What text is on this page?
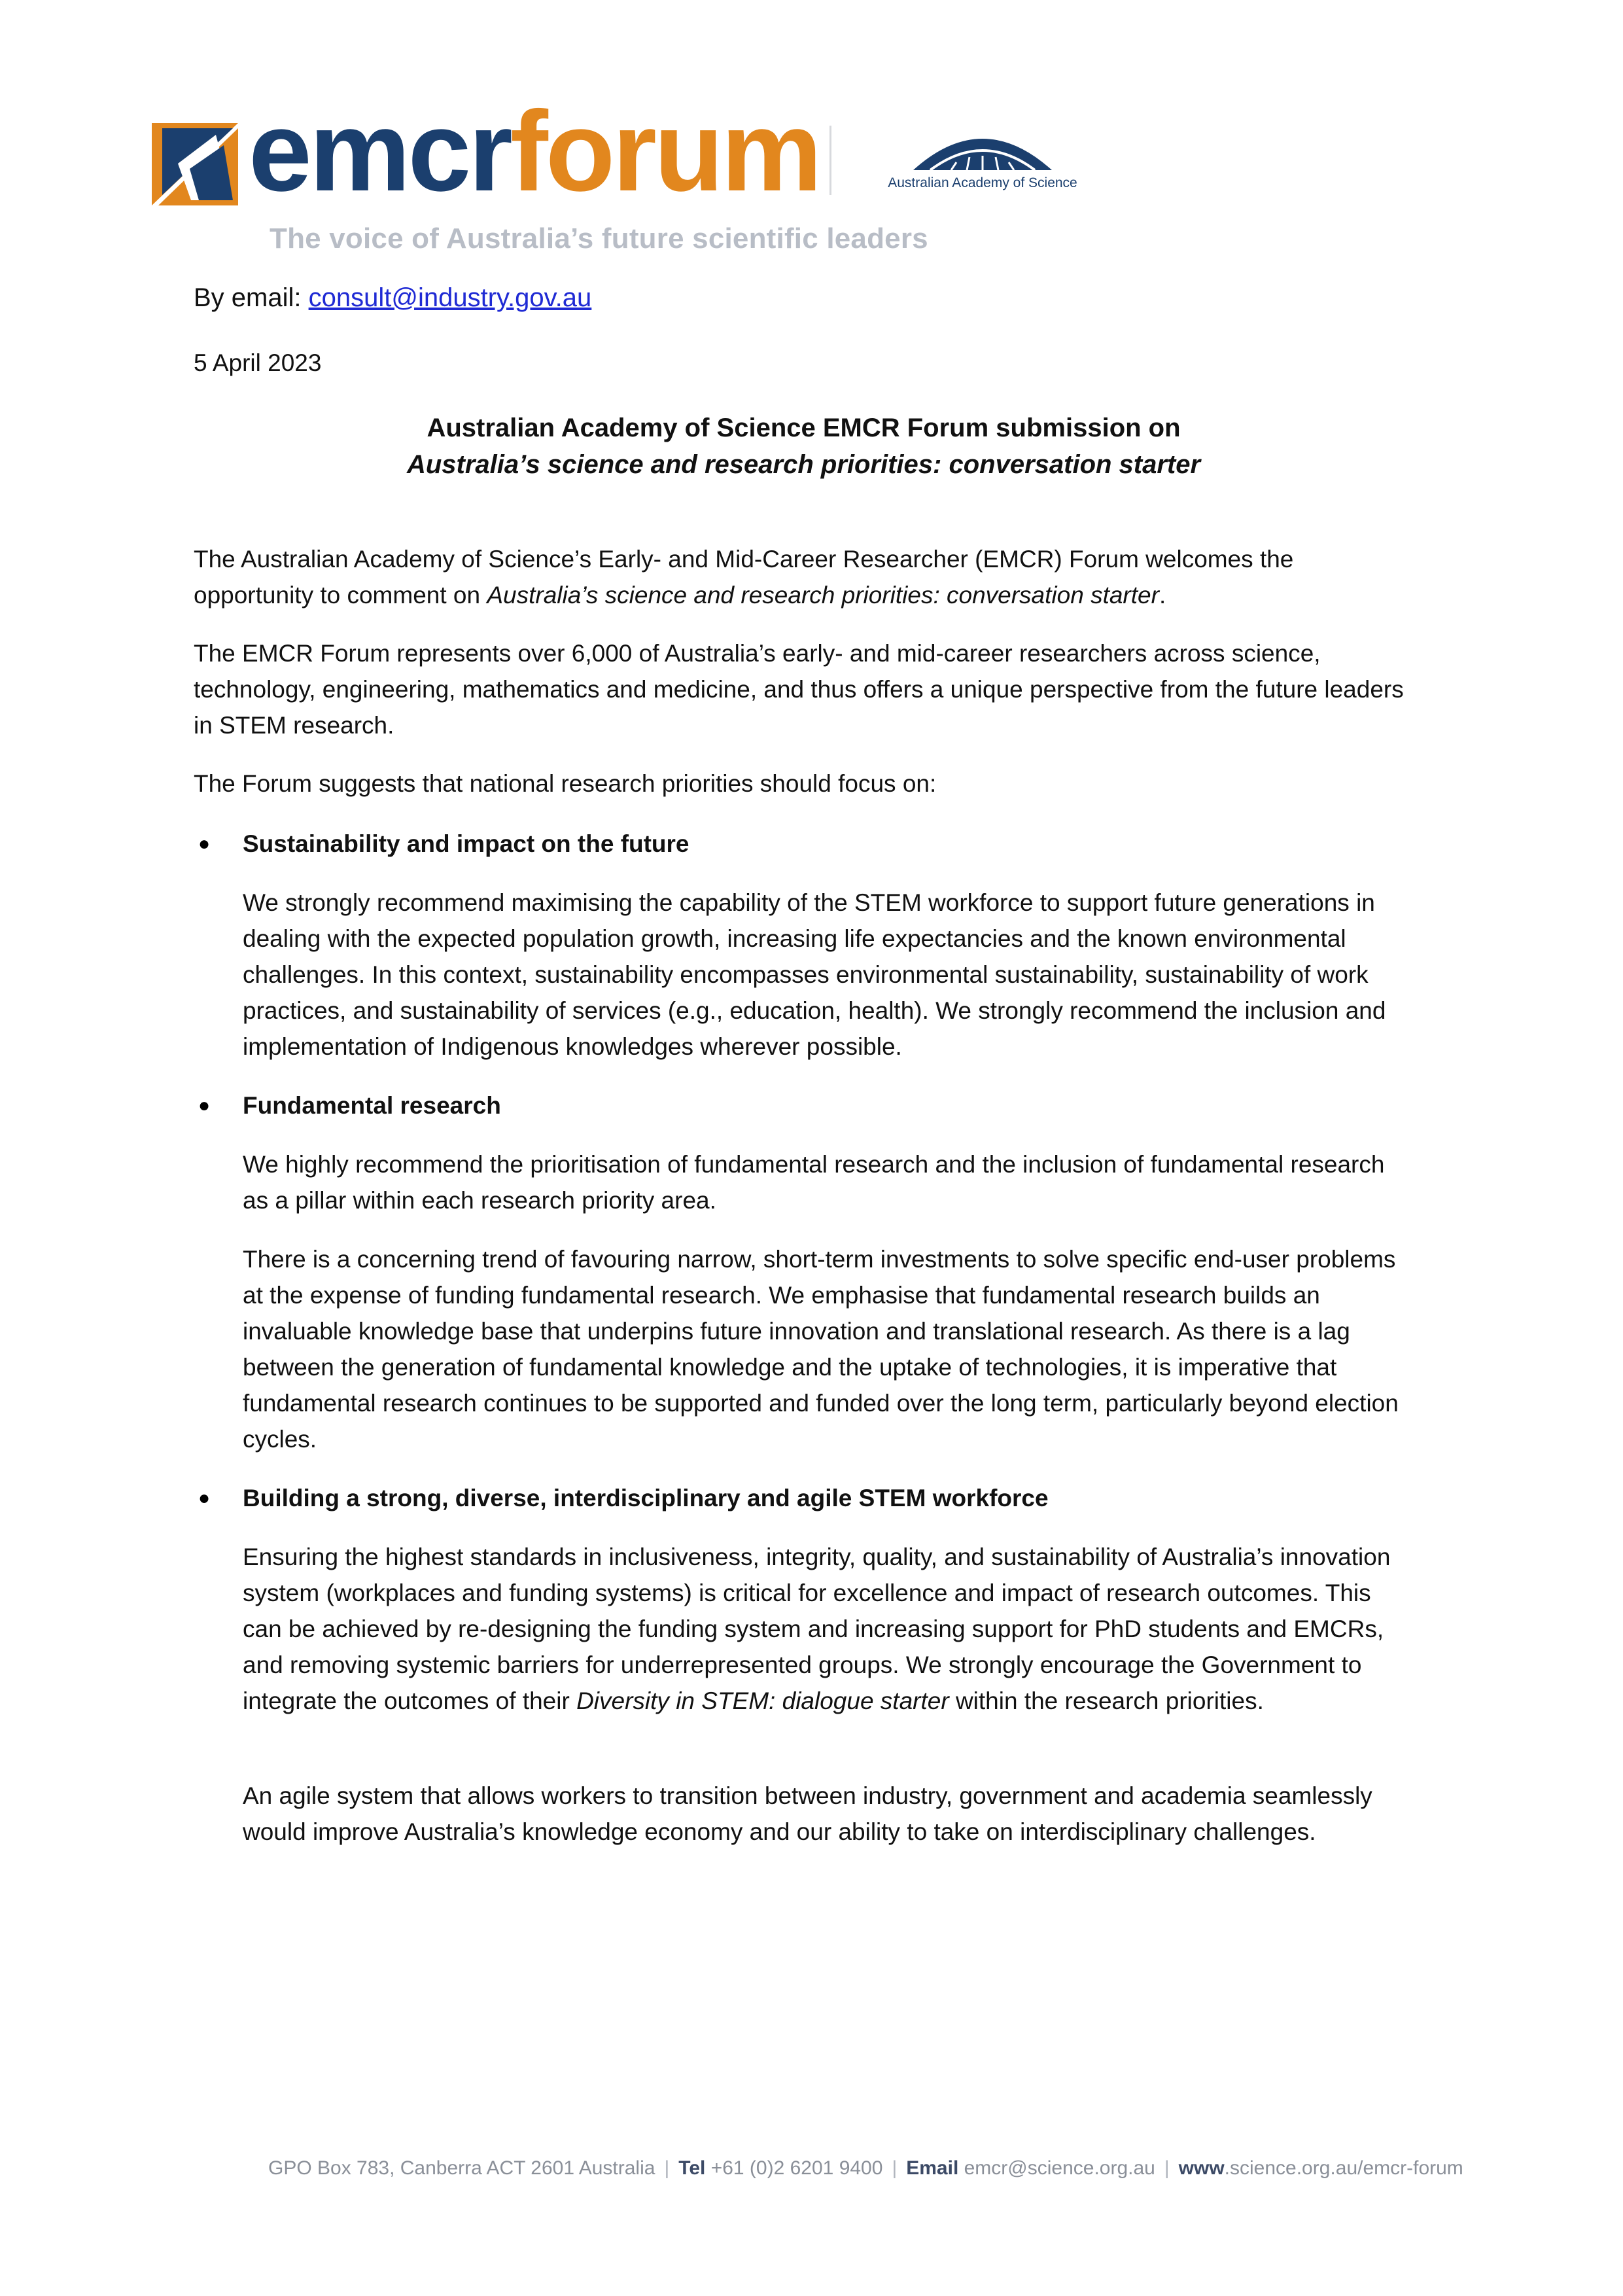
emcrforum
The voice of Australia’s future scientific leaders
Australian Academy of Science
By email: consult@industry.gov.au
5 April 2023
Australian Academy of Science EMCR Forum submission on
Australia’s science and research priorities: conversation starter
The Australian Academy of Science’s Early- and Mid-Career Researcher (EMCR) Forum welcomes the opportunity to comment on Australia’s science and research priorities: conversation starter.
The EMCR Forum represents over 6,000 of Australia’s early- and mid-career researchers across science, technology, engineering, mathematics and medicine, and thus offers a unique perspective from the future leaders in STEM research.
The Forum suggests that national research priorities should focus on:
● Sustainability and impact on the future
We strongly recommend maximising the capability of the STEM workforce to support future generations in dealing with the expected population growth, increasing life expectancies and the known environmental challenges. In this context, sustainability encompasses environmental sustainability, sustainability of work practices, and sustainability of services (e.g., education, health). We strongly recommend the inclusion and implementation of Indigenous knowledges wherever possible.
● Fundamental research
We highly recommend the prioritisation of fundamental research and the inclusion of fundamental research as a pillar within each research priority area.
There is a concerning trend of favouring narrow, short-term investments to solve specific end-user problems at the expense of funding fundamental research. We emphasise that fundamental research builds an invaluable knowledge base that underpins future innovation and translational research. As there is a lag between the generation of fundamental knowledge and the uptake of technologies, it is imperative that fundamental research continues to be supported and funded over the long term, particularly beyond election cycles.
● Building a strong, diverse, interdisciplinary and agile STEM workforce
Ensuring the highest standards in inclusiveness, integrity, quality, and sustainability of Australia’s innovation system (workplaces and funding systems) is critical for excellence and impact of research outcomes. This can be achieved by re-designing the funding system and increasing support for PhD students and EMCRs, and removing systemic barriers for underrepresented groups. We strongly encourage the Government to integrate the outcomes of their Diversity in STEM: dialogue starter within the research priorities.
An agile system that allows workers to transition between industry, government and academia seamlessly would improve Australia’s knowledge economy and our ability to take on interdisciplinary challenges.
GPO Box 783, Canberra ACT 2601 Australia | Tel +61 (0)2 6201 9400 | Email emcr@science.org.au | www.science.org.au/emcr-forum
